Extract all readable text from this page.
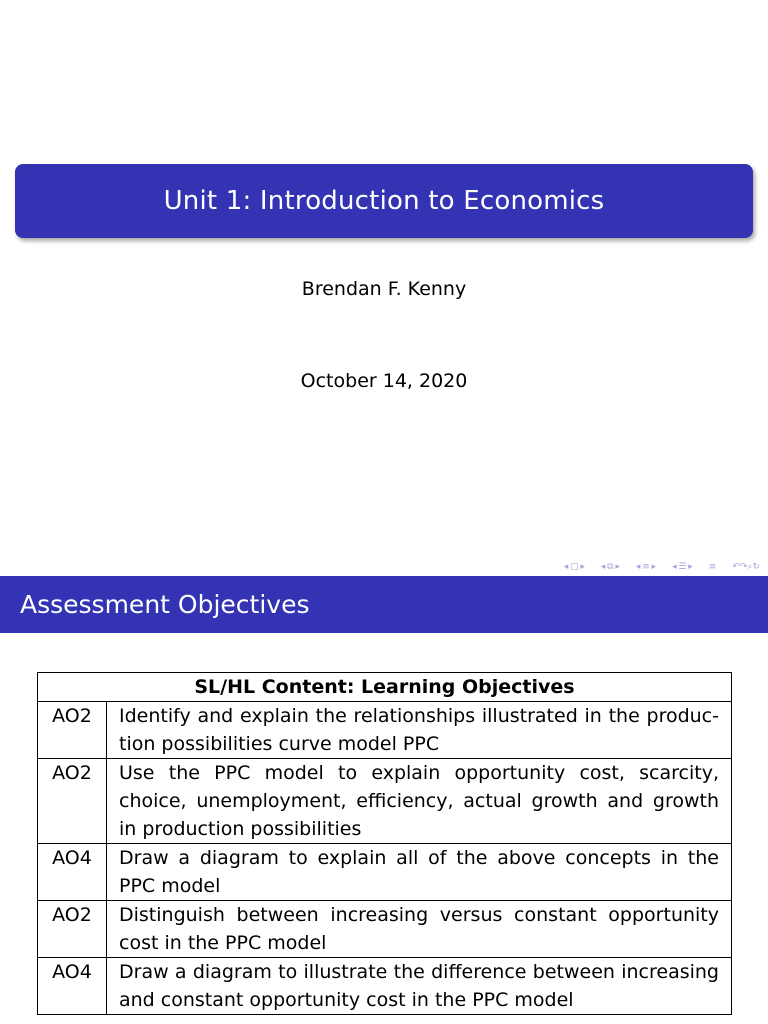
Unit 1: Introduction to Economics
Brendan F. Kenny
October 14, 2020
◂ □ ▸ ◂ ⧉ ▸ ◂ ≡ ▸ ◂ ☰ ▸ ≡ ↶↷⌕↻
Assessment Objectives
SL/HL Content: Learning Objectives	
AO2	Identify and explain the relationships illustrated in the produc-​tion possibilities curve model PPC
AO2	Use the PPC model to explain opportunity cost, scarcity, choice, unemployment, efficiency, actual growth and growth in production possibilities
AO4	Draw a diagram to explain all of the above concepts in the PPC model
AO2	Distinguish between increasing versus constant opportunity cost in the PPC model
AO4	Draw a diagram to illustrate the difference between increasing and constant opportunity cost in the PPC model
